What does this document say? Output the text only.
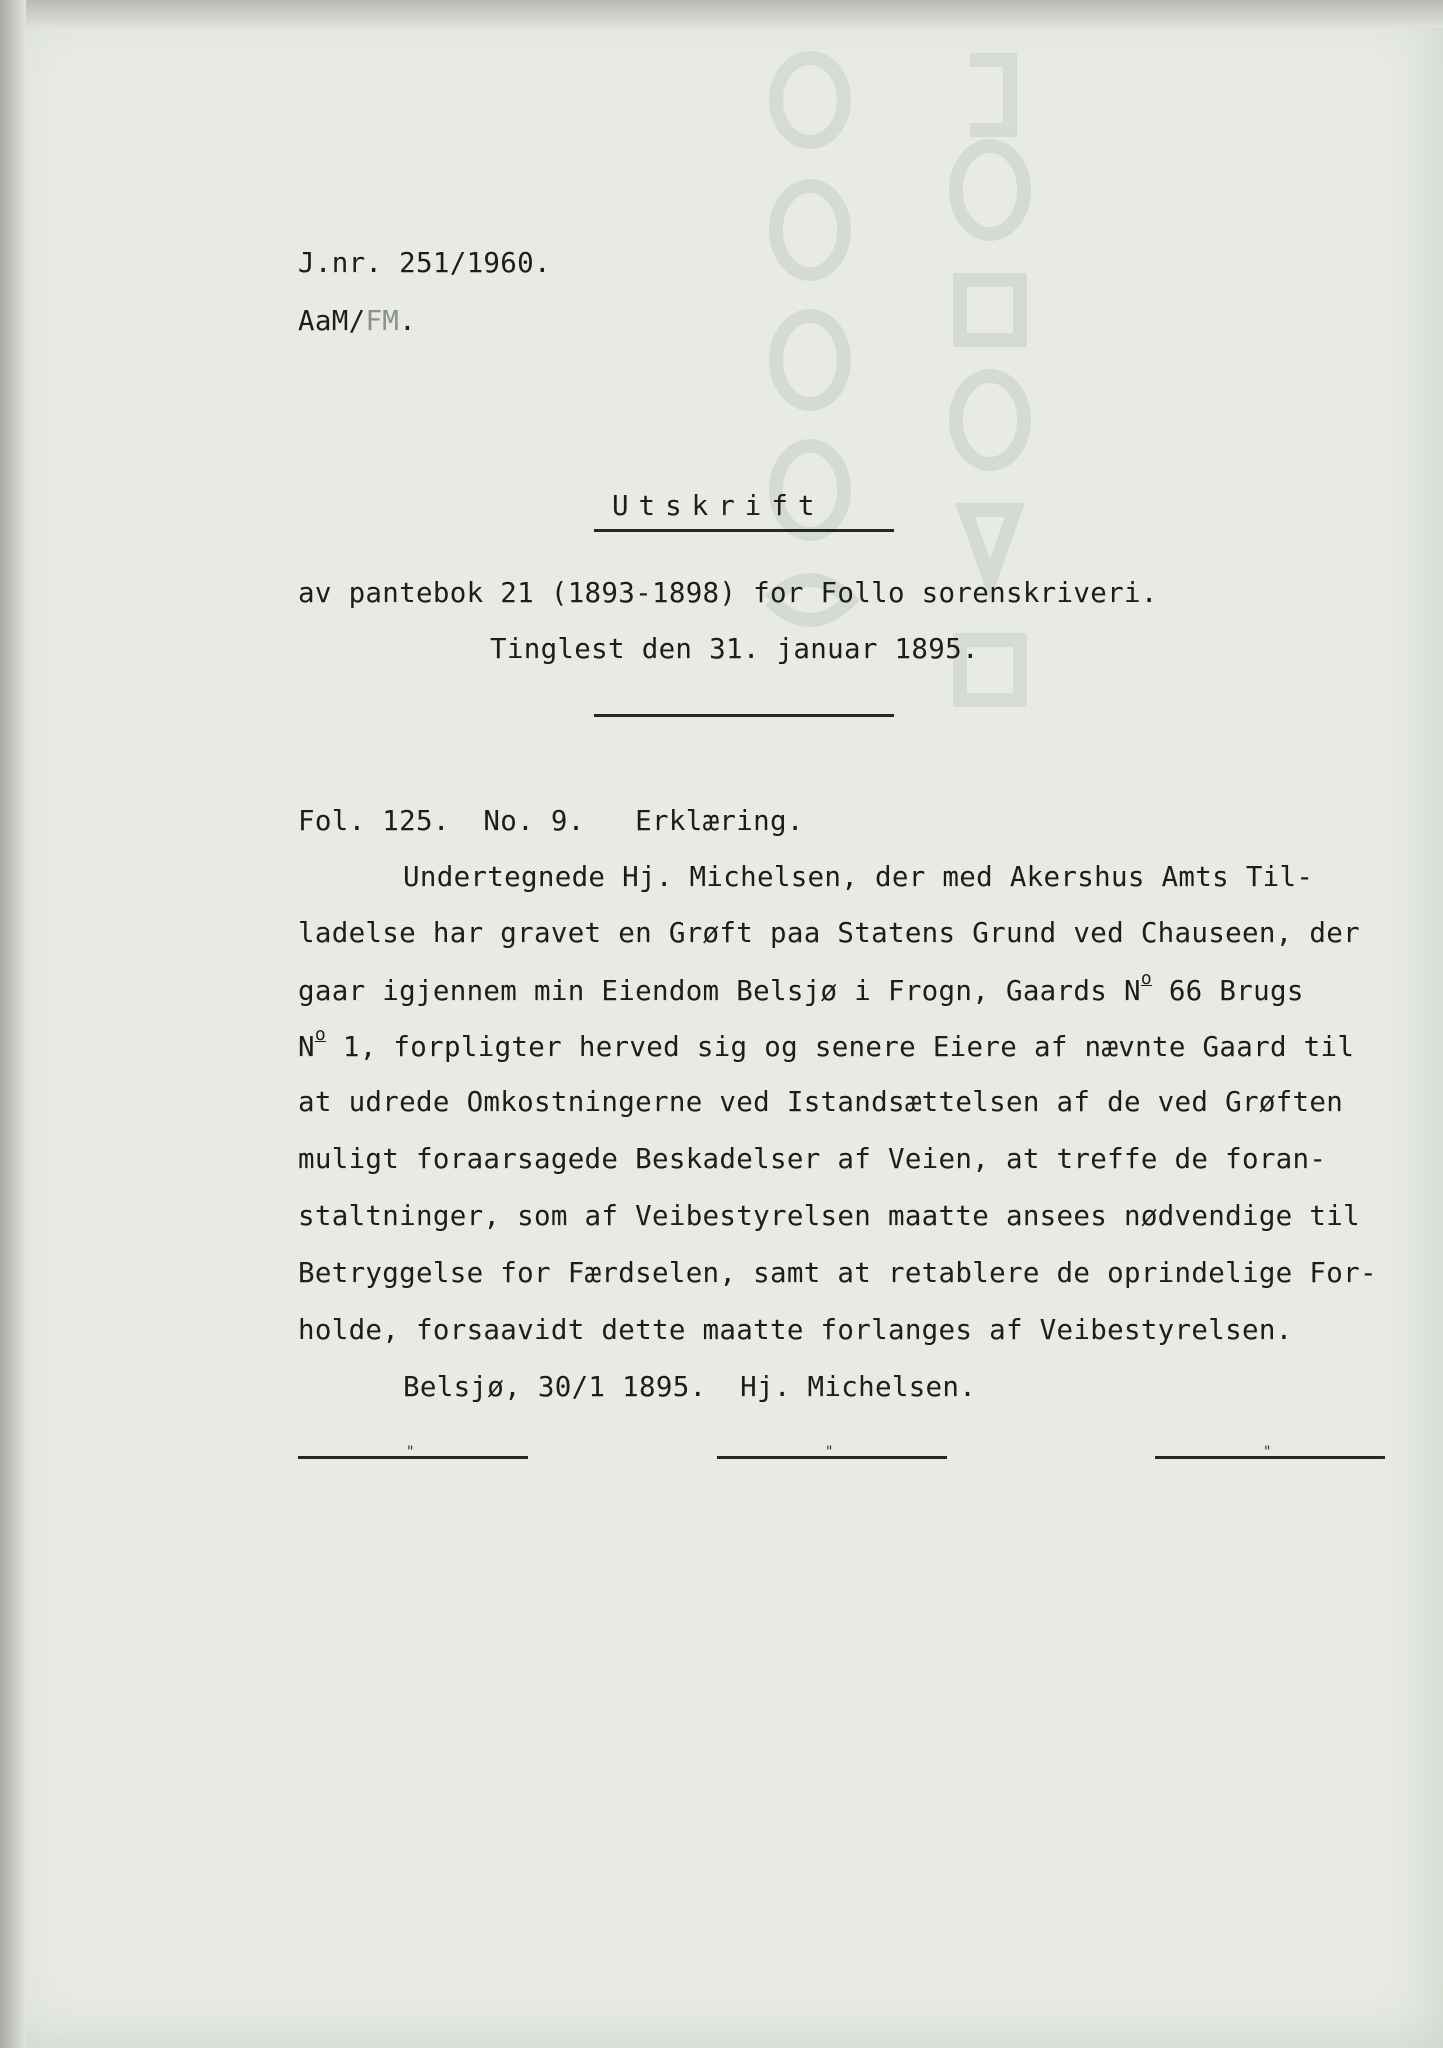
J.nr. 251/1960.
AaM/FM.
Utskrift
av pantebok 21 (1893-1898) for Follo sorenskriveri.
Tinglest den 31. januar 1895.
Fol. 125.  No. 9.   Erklæring.
Undertegnede Hj. Michelsen, der med Akershus Amts Til-
ladelse har gravet en Grøft paa Statens Grund ved Chauseen, der
gaar igjennem min Eiendom Belsjø i Frogn, Gaards $N^o$ 66 Brugs
$N^o$ 1, forpligter herved sig og senere Eiere af nævnte Gaard til
at udrede Omkostningerne ved Istandsættelsen af de ved Grøften
muligt foraarsagede Beskadelser af Veien, at treffe de foran-
staltninger, som af Veibestyrelsen maatte ansees nødvendige til
Betryggelse for Færdselen, samt at retablere de oprindelige For-
holde, forsaavidt dette maatte forlanges af Veibestyrelsen.
Belsjø, 30/1 1895.  Hj. Michelsen.
"	"	"
